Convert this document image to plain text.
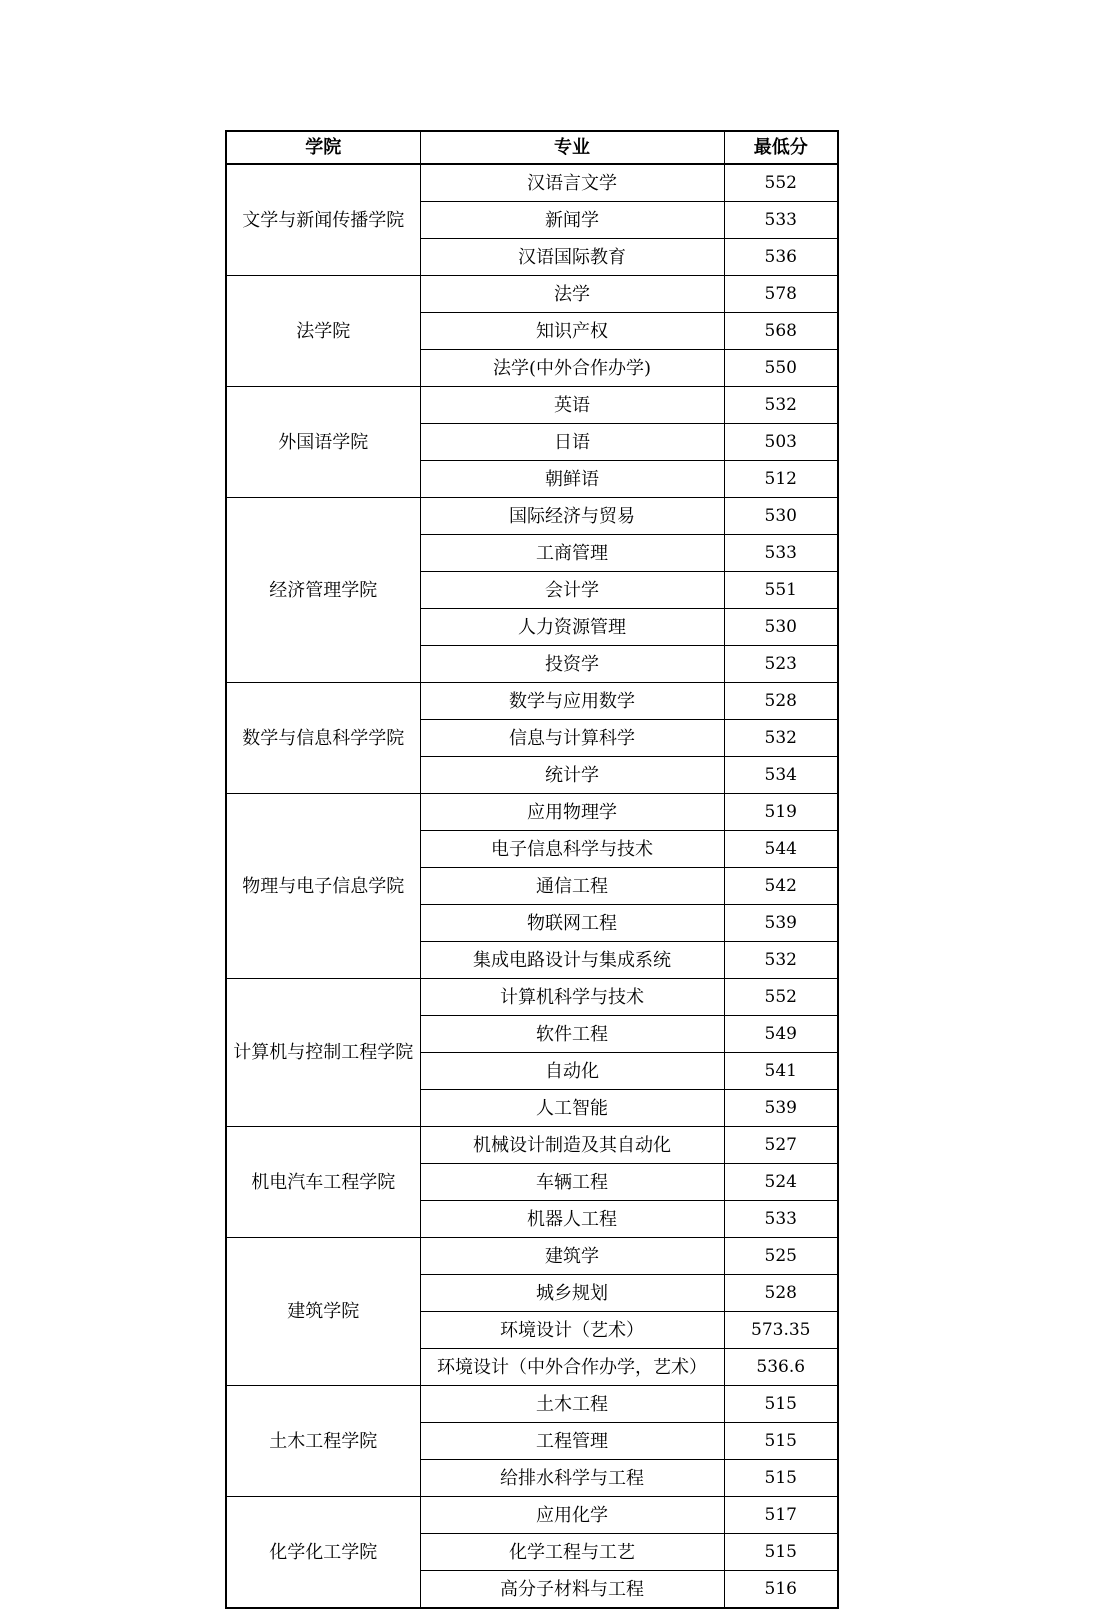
学院	专业	最低分
文学与新闻传播学院	汉语言文学	552
	新闻学	533
	汉语国际教育	536
法学院	法学	578
	知识产权	568
	法学(中外合作办学)	550
外国语学院	英语	532
	日语	503
	朝鲜语	512
经济管理学院	国际经济与贸易	530
	工商管理	533
	会计学	551
	人力资源管理	530
	投资学	523
数学与信息科学学院	数学与应用数学	528
	信息与计算科学	532
	统计学	534
物理与电子信息学院	应用物理学	519
	电子信息科学与技术	544
	通信工程	542
	物联网工程	539
	集成电路设计与集成系统	532
计算机与控制工程学院	计算机科学与技术	552
	软件工程	549
	自动化	541
	人工智能	539
机电汽车工程学院	机械设计制造及其自动化	527
	车辆工程	524
	机器人工程	533
建筑学院	建筑学	525
	城乡规划	528
	环境设计（艺术）	573.35
	环境设计（中外合作办学，艺术）	536.6
土木工程学院	土木工程	515
	工程管理	515
	给排水科学与工程	515
化学化工学院	应用化学	517
	化学工程与工艺	515
	高分子材料与工程	516
